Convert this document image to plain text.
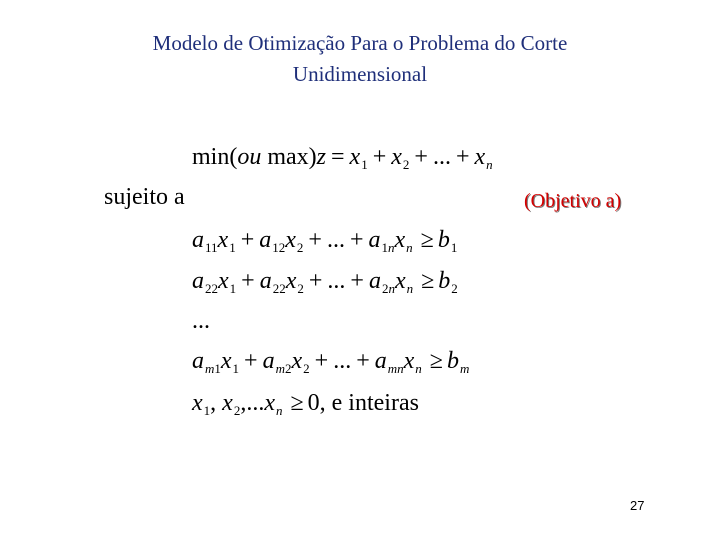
Modelo de Otimização Para o Problema do Corte
Unidimensional
min(ou $\max)z = x_1 + x_2$ + ... + $x_n$
sujeito a	(Objetivo a)
$a_{11}x_1 + a_{12}x_2$ + ... + $a_{1n}x_n \ge b_1$
$a_{22}x_1 + a_{22}x_2$ + ... + $a_{2n}x_n \ge b_2$
...
$a_{m1}x_1 + a_{m2}x_2$ + ... + $a_{mn}x_n \ge b_m$
$x_1$, $x_2,...x_n \ge 0$, e inteiras
27
